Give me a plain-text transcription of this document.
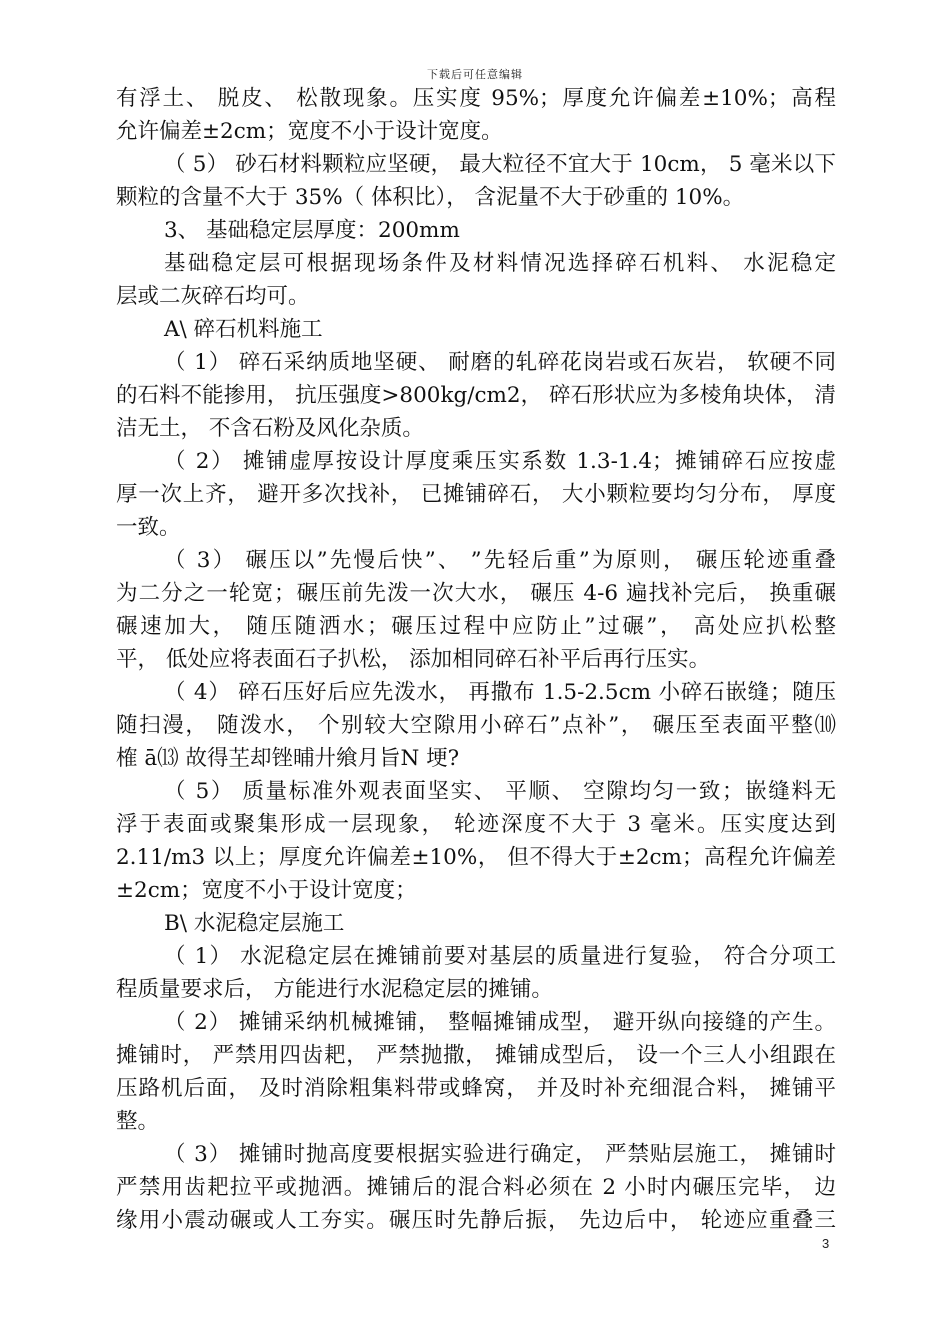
下载后可任意编辑
有浮土、 脱皮、 松散现象。压实度 95%；厚度允许偏差±10%；高程
允许偏差±2cm；宽度不小于设计宽度。
（ 5） 砂石材料颗粒应坚硬， 最大粒径不宜大于 10cm， 5 毫米以下
颗粒的含量不大于 35%（ 体积比）， 含泥量不大于砂重的 10%。
3、 基础稳定层厚度：200mm
基础稳定层可根据现场条件及材料情况选择碎石机料、 水泥稳定
层或二灰碎石均可。
A\ 碎石机料施工
（ 1） 碎石采纳质地坚硬、 耐磨的轧碎花岗岩或石灰岩， 软硬不同
的石料不能掺用， 抗压强度>800kg/cm2， 碎石形状应为多棱角块体， 清
洁无土， 不含石粉及风化杂质。
（ 2） 摊铺虚厚按设计厚度乘压实系数 1.3-1.4；摊铺碎石应按虚
厚一次上齐， 避开多次找补， 已摊铺碎石， 大小颗粒要均匀分布， 厚度
一致。
（ 3） 碾压以”先慢后快”、 ”先轻后重”为原则， 碾压轮迹重叠
为二分之一轮宽；碾压前先泼一次大水， 碾压 4-6 遍找补完后， 换重碾
碾速加大， 随压随洒水；碾压过程中应防止”过碾”， 高处应扒松整
平， 低处应将表面石子扒松， 添加相同碎石补平后再行压实。
（ 4） 碎石压好后应先泼水， 再撒布 1.5-2.5cm 小碎石嵌缝；随压
随扫漫， 随泼水， 个别较大空隙用小碎石”点补”， 碾压至表面平整⑽
榷 ā⒀ 故得芏却锉晡廾飨月旨N 埂?
（ 5） 质量标准外观表面坚实、 平顺、 空隙均匀一致；嵌缝料无
浮于表面或聚集形成一层现象， 轮迹深度不大于 3 毫米。压实度达到
2.11/m3 以上；厚度允许偏差±10%， 但不得大于±2cm；高程允许偏差
±2cm；宽度不小于设计宽度；
B\ 水泥稳定层施工
（ 1） 水泥稳定层在摊铺前要对基层的质量进行复验， 符合分项工
程质量要求后， 方能进行水泥稳定层的摊铺。
（ 2） 摊铺采纳机械摊铺， 整幅摊铺成型， 避开纵向接缝的产生。
摊铺时， 严禁用四齿耙， 严禁抛撒， 摊铺成型后， 设一个三人小组跟在
压路机后面， 及时消除粗集料带或蜂窝， 并及时补充细混合料， 摊铺平
整。
（ 3） 摊铺时抛高度要根据实验进行确定， 严禁贴层施工， 摊铺时
严禁用齿耙拉平或抛洒。摊铺后的混合料必须在 2 小时内碾压完毕， 边
缘用小震动碾或人工夯实。碾压时先静后振， 先边后中， 轮迹应重叠三
3
